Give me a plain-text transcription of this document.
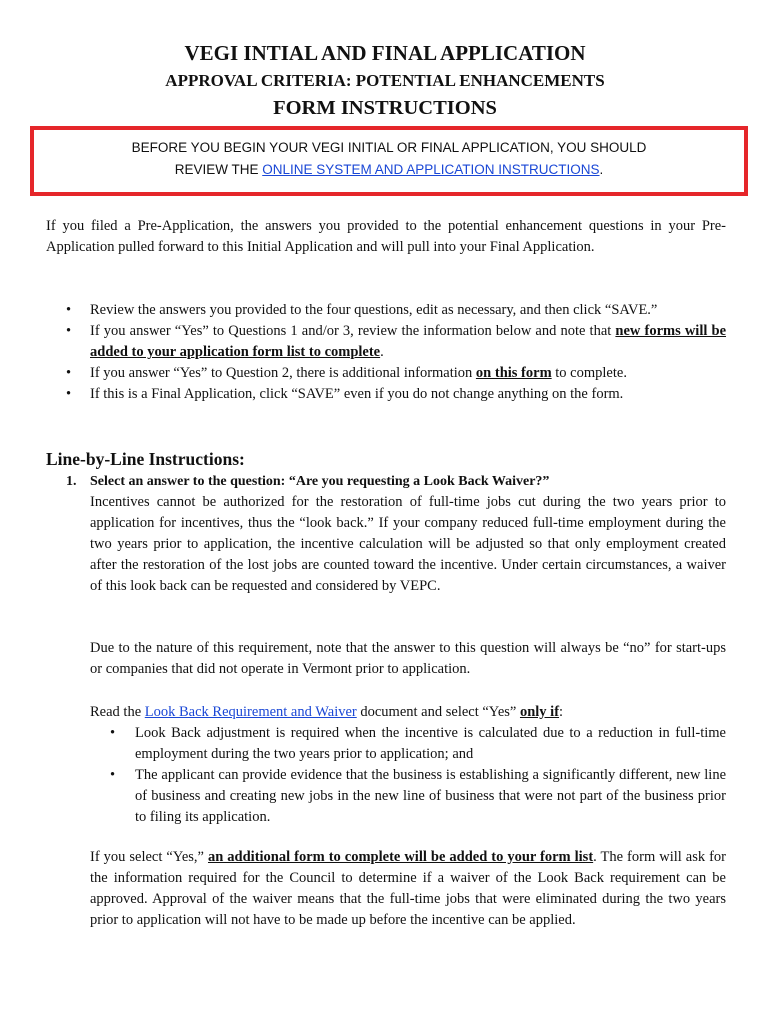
VEGI INTIAL AND FINAL APPLICATION
APPROVAL CRITERIA: POTENTIAL ENHANCEMENTS
FORM INSTRUCTIONS
BEFORE YOU BEGIN YOUR VEGI INITIAL OR FINAL APPLICATION, YOU SHOULD
REVIEW THE ONLINE SYSTEM AND APPLICATION INSTRUCTIONS.
If you filed a Pre-Application, the answers you provided to the potential enhancement questions in your Pre-Application pulled forward to this Initial Application and will pull into your Final Application.
• Review the answers you provided to the four questions, edit as necessary, and then click “SAVE.”
• If you answer “Yes” to Questions 1 and/or 3, review the information below and note that new forms will be added to your application form list to complete.
• If you answer “Yes” to Question 2, there is additional information on this form to complete.
• If this is a Final Application, click “SAVE” even if you do not change anything on the form.
Line-by-Line Instructions:
1. Select an answer to the question: “Are you requesting a Look Back Waiver?”
Incentives cannot be authorized for the restoration of full-time jobs cut during the two years prior to application for incentives, thus the “look back.” If your company reduced full-time employment during the two years prior to application, the incentive calculation will be adjusted so that only employment created after the restoration of the lost jobs are counted toward the incentive. Under certain circumstances, a waiver of this look back can be requested and considered by VEPC.
Due to the nature of this requirement, note that the answer to this question will always be “no” for start-ups or companies that did not operate in Vermont prior to application.
Read the Look Back Requirement and Waiver document and select “Yes” only if:
• Look Back adjustment is required when the incentive is calculated due to a reduction in full-time employment during the two years prior to application; and
• The applicant can provide evidence that the business is establishing a significantly different, new line of business and creating new jobs in the new line of business that were not part of the business prior to filing its application.
If you select “Yes,” an additional form to complete will be added to your form list. The form will ask for the information required for the Council to determine if a waiver of the Look Back requirement can be approved. Approval of the waiver means that the full-time jobs that were eliminated during the two years prior to application will not have to be made up before the incentive can be applied.
